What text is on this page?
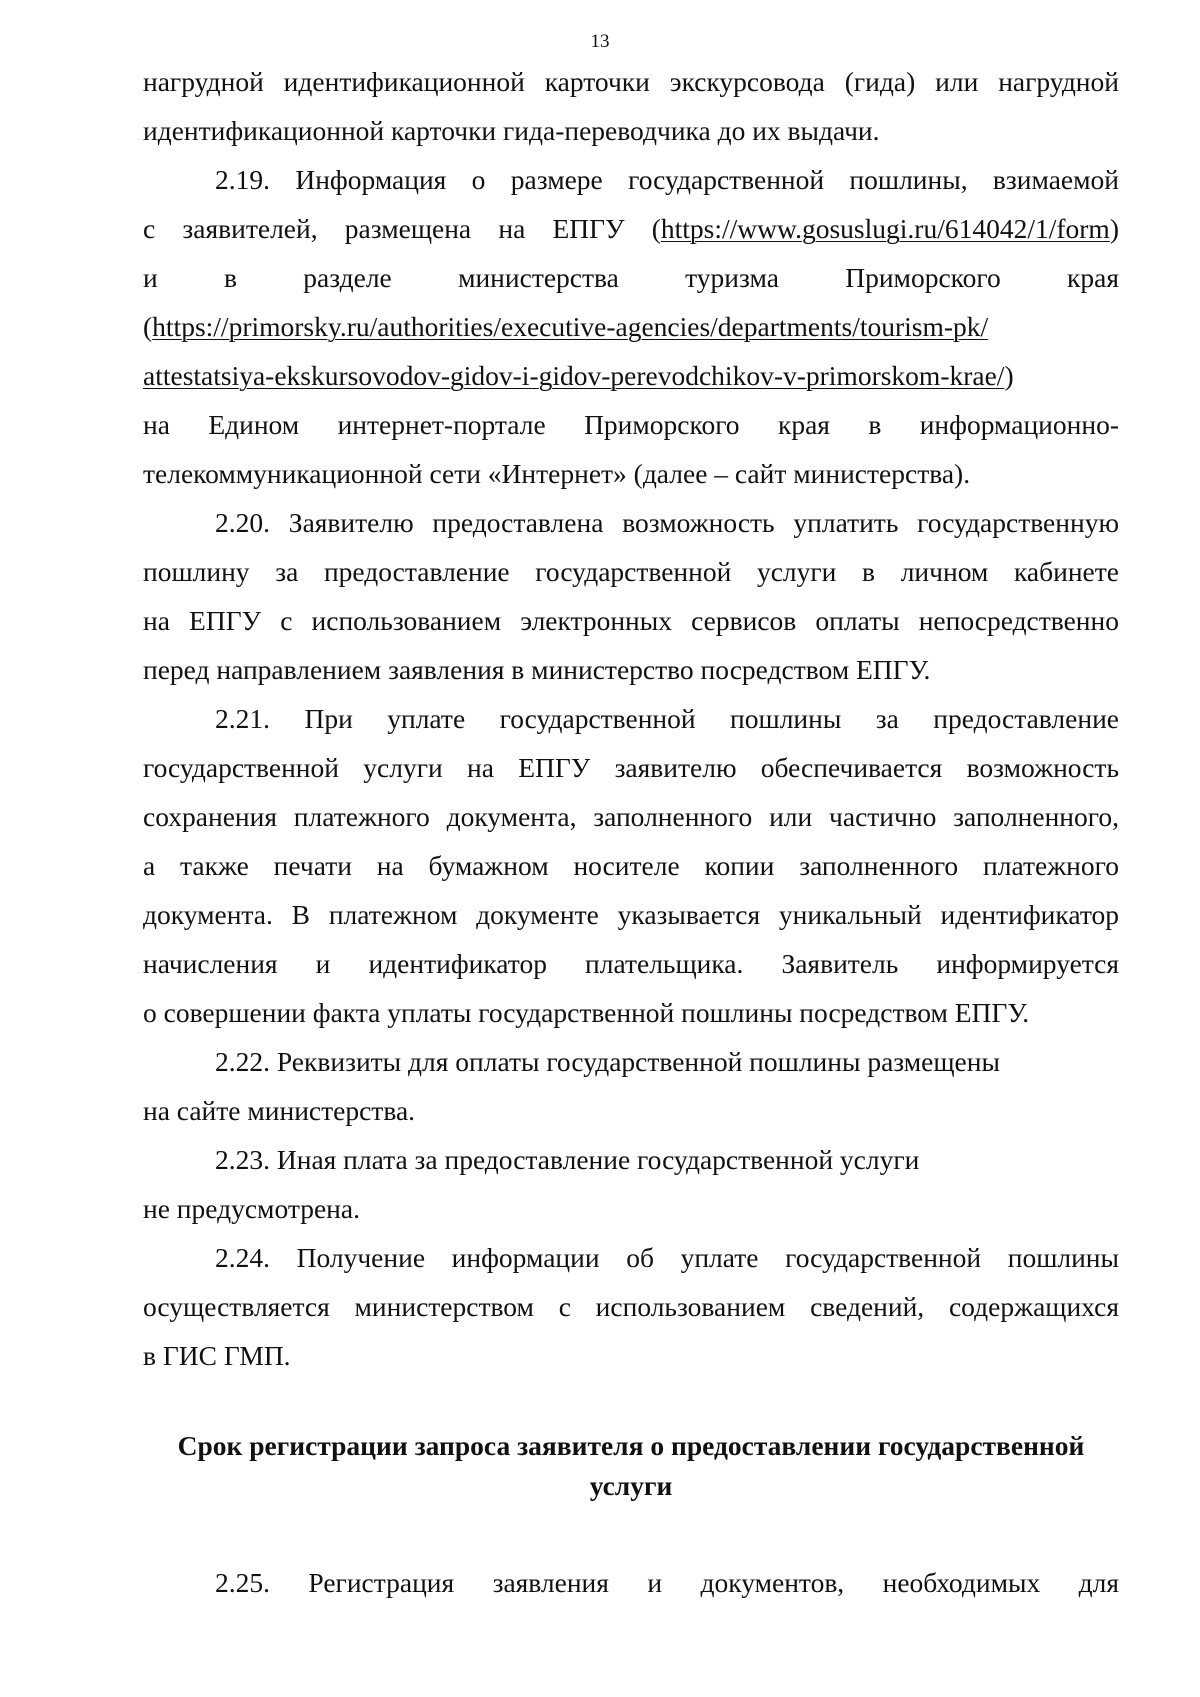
13
нагрудной идентификационной карточки экскурсовода (гида) или нагрудной
идентификационной карточки гида-переводчика до их выдачи.
2.19. Информация о размере государственной пошлины, взимаемой
с заявителей, размещена на ЕПГУ (https://www.gosuslugi.ru/614042/1/form)
и в разделе министерства туризма Приморского края
(https://primorsky.ru/authorities/executive-agencies/departments/tourism-pk/
attestatsiya-ekskursovodov-gidov-i-gidov-perevodchikov-v-primorskom-krae/)
на Едином интернет-портале Приморского края в информационно-
телекоммуникационной сети «Интернет» (далее – сайт министерства).
2.20. Заявителю предоставлена возможность уплатить государственную
пошлину за предоставление государственной услуги в личном кабинете
на ЕПГУ с использованием электронных сервисов оплаты непосредственно
перед направлением заявления в министерство посредством ЕПГУ.
2.21. При уплате государственной пошлины за предоставление
государственной услуги на ЕПГУ заявителю обеспечивается возможность
сохранения платежного документа, заполненного или частично заполненного,
а также печати на бумажном носителе копии заполненного платежного
документа. В платежном документе указывается уникальный идентификатор
начисления и идентификатор плательщика. Заявитель информируется
о совершении факта уплаты государственной пошлины посредством ЕПГУ.
2.22. Реквизиты для оплаты государственной пошлины размещены
на сайте министерства.
2.23. Иная плата за предоставление государственной услуги
не предусмотрена.
2.24. Получение информации об уплате государственной пошлины
осуществляется министерством с использованием сведений, содержащихся
в ГИС ГМП.
Срок регистрации запроса заявителя о предоставлении государственной
услуги
2.25. Регистрация заявления и документов, необходимых для
